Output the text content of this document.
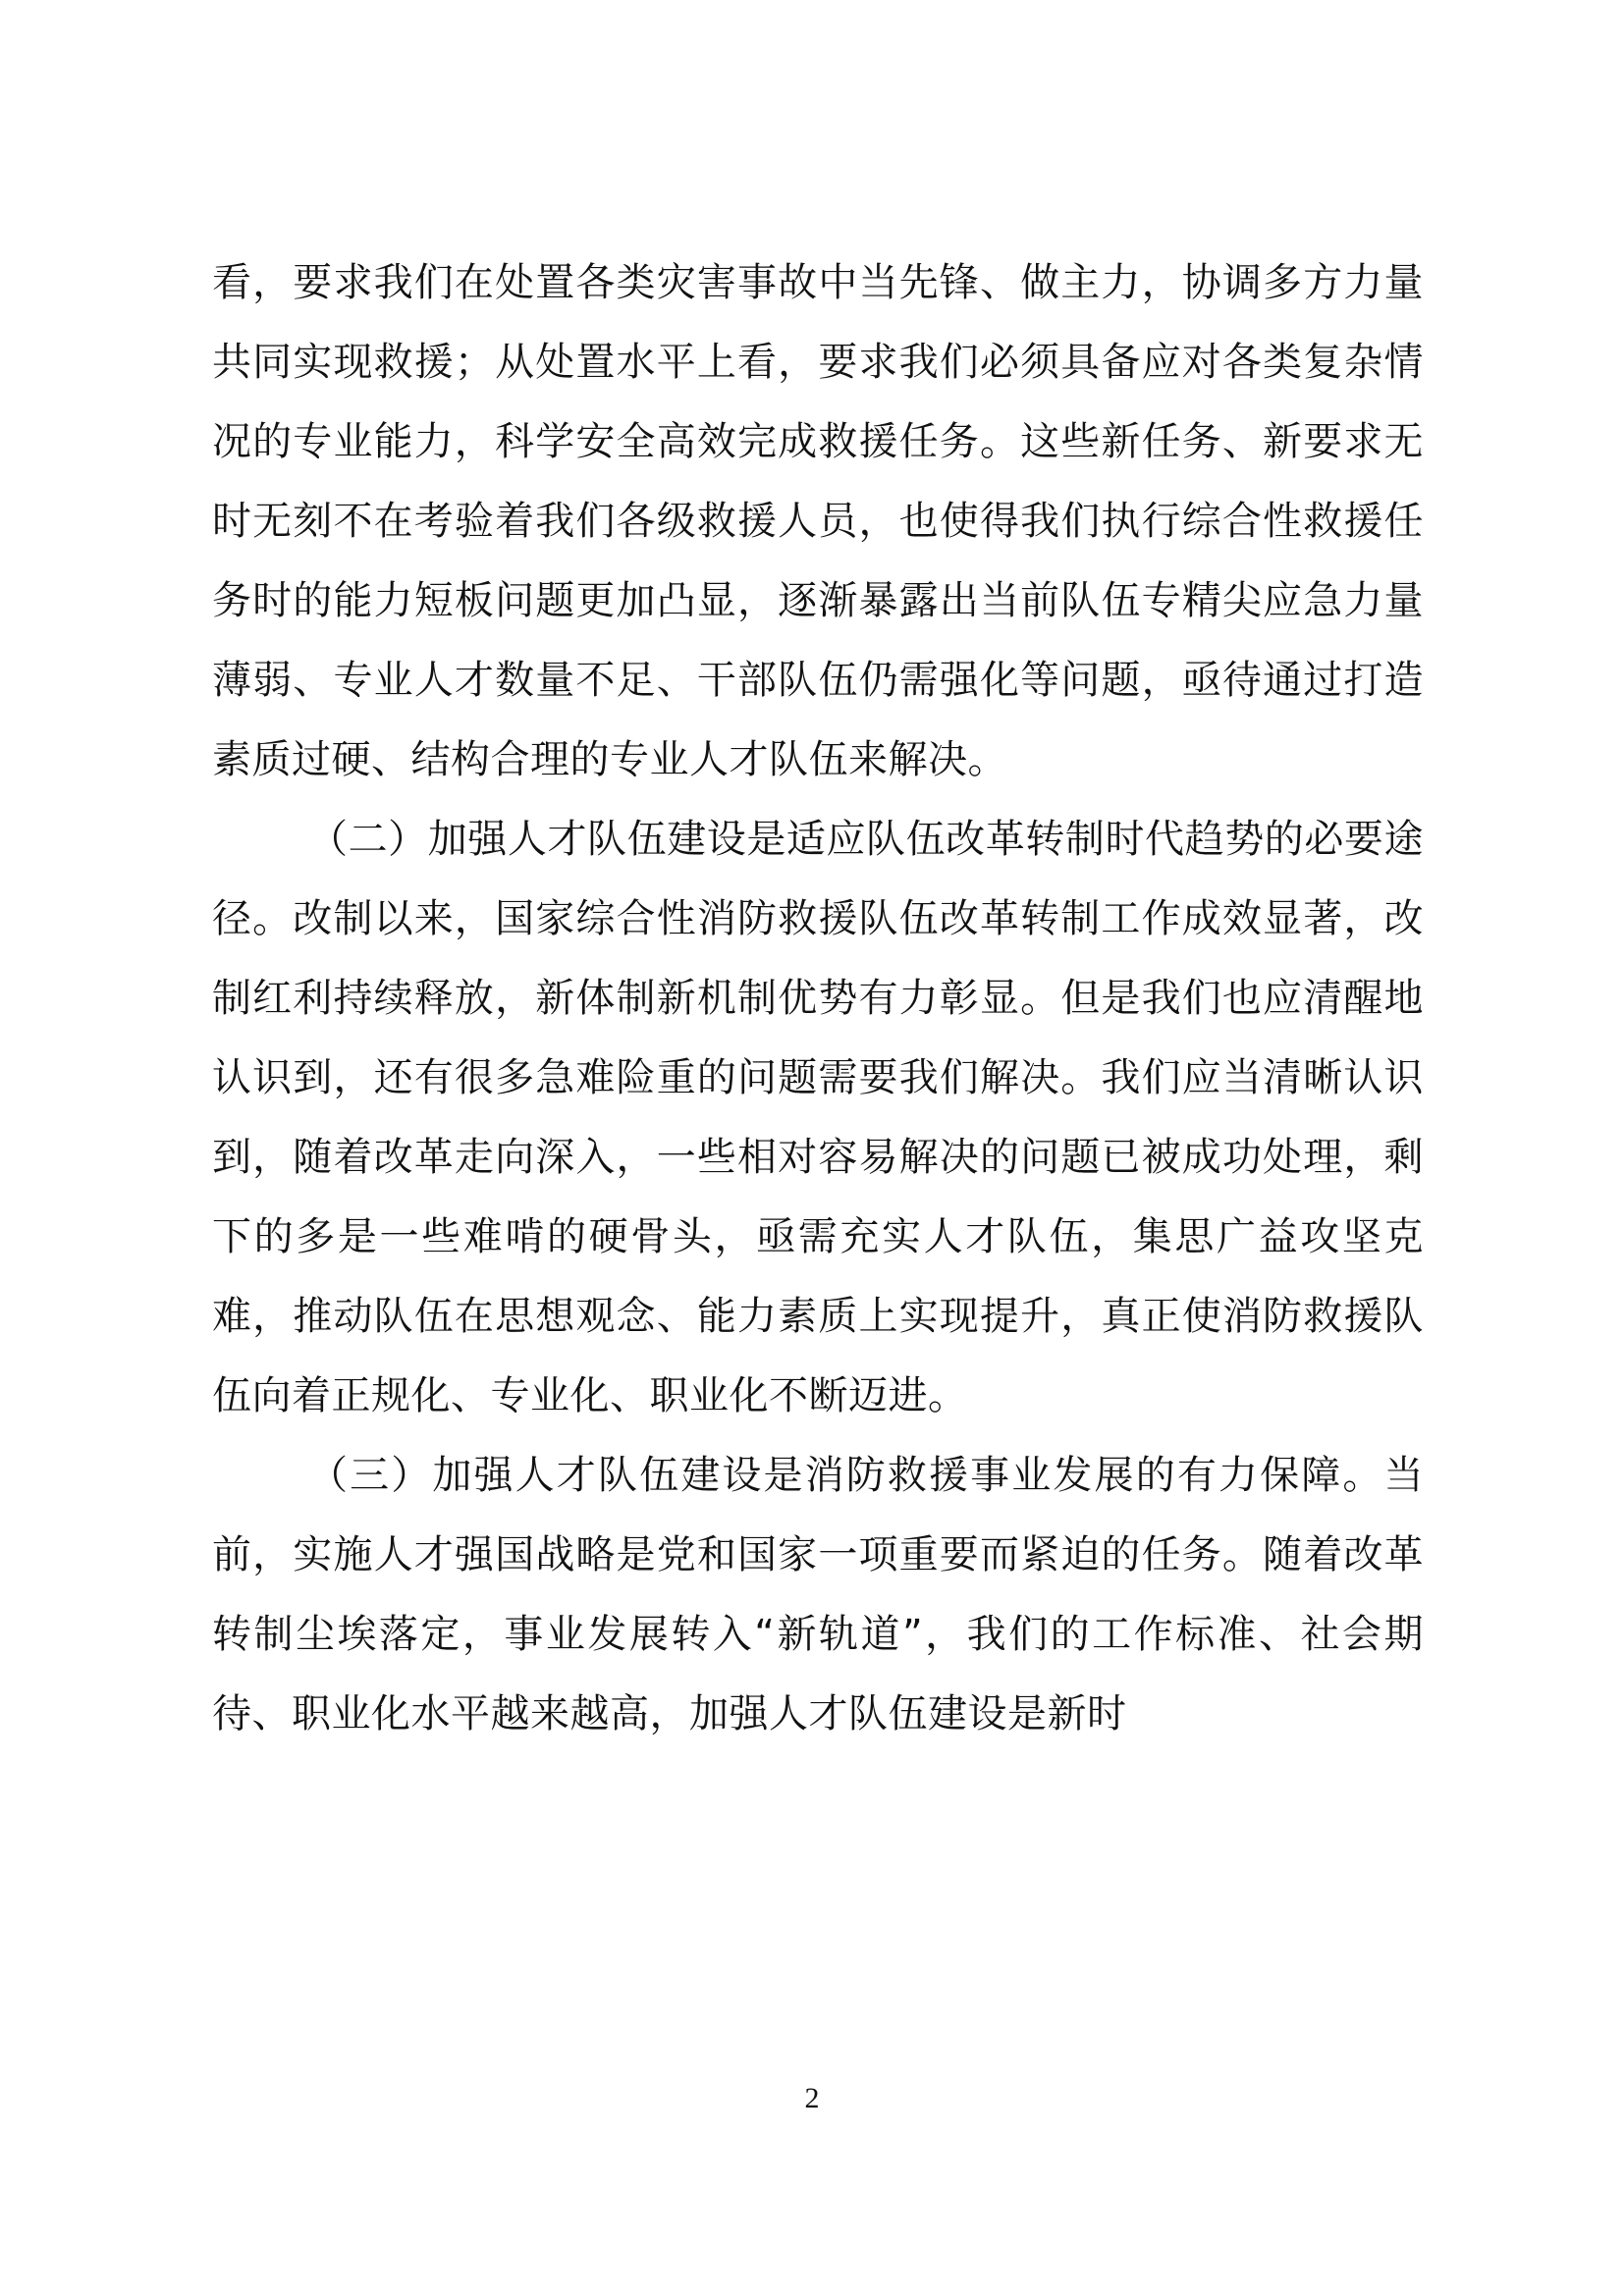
看，要求我们在处置各类灾害事故中当先锋、做主力，协调多方力量共同实现救援；从处置水平上看，要求我们必须具备应对各类复杂情况的专业能力，科学安全高效完成救援任务。这些新任务、新要求无时无刻不在考验着我们各级救援人员，也使得我们执行综合性救援任务时的能力短板问题更加凸显，逐渐暴露出当前队伍专精尖应急力量薄弱、专业人才数量不足、干部队伍仍需强化等问题，亟待通过打造素质过硬、结构合理的专业人才队伍来解决。

（二）加强人才队伍建设是适应队伍改革转制时代趋势的必要途径。改制以来，国家综合性消防救援队伍改革转制工作成效显著，改制红利持续释放，新体制新机制优势有力彰显。但是我们也应清醒地认识到，还有很多急难险重的问题需要我们解决。我们应当清晰认识到，随着改革走向深入，一些相对容易解决的问题已被成功处理，剩下的多是一些难啃的硬骨头，亟需充实人才队伍，集思广益攻坚克难，推动队伍在思想观念、能力素质上实现提升，真正使消防救援队伍向着正规化、专业化、职业化不断迈进。

（三）加强人才队伍建设是消防救援事业发展的有力保障。当前，实施人才强国战略是党和国家一项重要而紧迫的任务。随着改革转制尘埃落定，事业发展转入“新轨道”，我们的工作标准、社会期待、职业化水平越来越高，加强人才队伍建设是新时

2
